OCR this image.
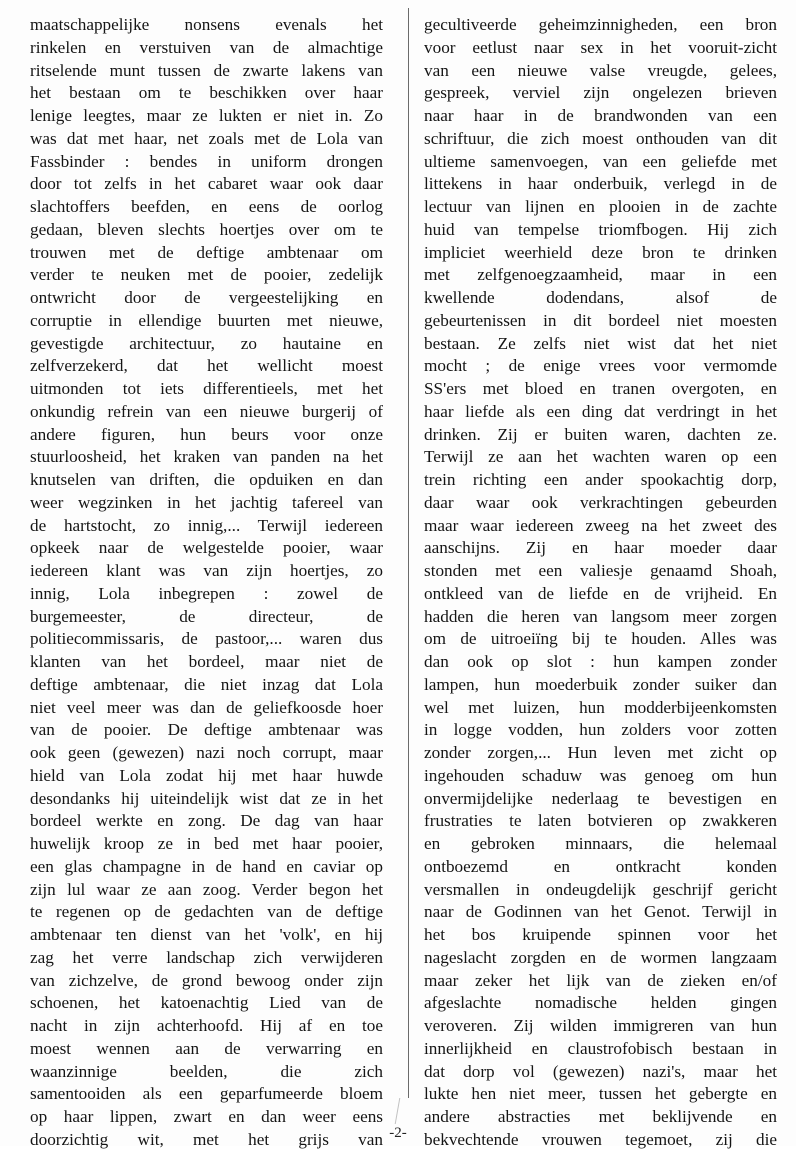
maatschappelijke nonsens evenals het
rinkelen en verstuiven van de almachtige
ritselende munt tussen de zwarte lakens van
het bestaan om te beschikken over haar
lenige leegtes, maar ze lukten er niet in. Zo
was dat met haar, net zoals met de Lola van
Fassbinder : bendes in uniform drongen
door tot zelfs in het cabaret waar ook daar
slachtoffers beefden, en eens de oorlog
gedaan, bleven slechts hoertjes over om te
trouwen met de deftige ambtenaar om
verder te neuken met de pooier, zedelijk
ontwricht door de vergeestelijking en
corruptie in ellendige buurten met nieuwe,
gevestigde architectuur, zo hautaine en
zelfverzekerd, dat het wellicht moest
uitmonden tot iets differentieels, met het
onkundig refrein van een nieuwe burgerij of
andere figuren, hun beurs voor onze
stuurloosheid, het kraken van panden na het
knutselen van driften, die opduiken en dan
weer wegzinken in het jachtig tafereel van
de hartstocht, zo innig,... Terwijl iedereen
opkeek naar de welgestelde pooier, waar
iedereen klant was van zijn hoertjes, zo
innig, Lola inbegrepen : zowel de
burgemeester, de directeur, de
politiecommissaris, de pastoor,... waren dus
klanten van het bordeel, maar niet de
deftige ambtenaar, die niet inzag dat Lola
niet veel meer was dan de geliefkoosde hoer
van de pooier. De deftige ambtenaar was
ook geen (gewezen) nazi noch corrupt, maar
hield van Lola zodat hij met haar huwde
desondanks hij uiteindelijk wist dat ze in het
bordeel werkte en zong. De dag van haar
huwelijk kroop ze in bed met haar pooier,
een glas champagne in de hand en caviar op
zijn lul waar ze aan zoog. Verder begon het
te regenen op de gedachten van de deftige
ambtenaar ten dienst van het 'volk', en hij
zag het verre landschap zich verwijderen
van zichzelve, de grond bewoog onder zijn
schoenen, het katoenachtig Lied van de
nacht in zijn achterhoofd. Hij af en toe
moest wennen aan de verwarring en
waanzinnige beelden, die zich
samentooiden als een geparfumeerde bloem
op haar lippen, zwart en dan weer eens
doorzichtig wit, met het grijs van
gecultiveerde geheimzinnigheden, een bron
voor eetlust naar sex in het vooruit-zicht
van een nieuwe valse vreugde, gelees,
gespreek, verviel zijn ongelezen brieven
naar haar in de brandwonden van een
schriftuur, die zich moest onthouden van dit
ultieme samenvoegen, van een geliefde met
littekens in haar onderbuik, verlegd in de
lectuur van lijnen en plooien in de zachte
huid van tempelse triomfbogen. Hij zich
impliciet weerhield deze bron te drinken
met zelfgenoegzaamheid, maar in een
kwellende dodendans, alsof de
gebeurtenissen in dit bordeel niet moesten
bestaan. Ze zelfs niet wist dat het niet
mocht ; de enige vrees voor vermomde
SS'ers met bloed en tranen overgoten, en
haar liefde als een ding dat verdringt in het
drinken. Zij er buiten waren, dachten ze.
Terwijl ze aan het wachten waren op een
trein richting een ander spookachtig dorp,
daar waar ook verkrachtingen gebeurden
maar waar iedereen zweeg na het zweet des
aanschijns. Zij en haar moeder daar
stonden met een valiesje genaamd Shoah,
ontkleed van de liefde en de vrijheid. En
hadden die heren van langsom meer zorgen
om de uitroeiïng bij te houden. Alles was
dan ook op slot : hun kampen zonder
lampen, hun moederbuik zonder suiker dan
wel met luizen, hun modderbijeenkomsten
in logge vodden, hun zolders voor zotten
zonder zorgen,... Hun leven met zicht op
ingehouden schaduw was genoeg om hun
onvermijdelijke nederlaag te bevestigen en
frustraties te laten botvieren op zwakkeren
en gebroken minnaars, die helemaal
ontboezemd en ontkracht konden
versmallen in ondeugdelijk geschrijf gericht
naar de Godinnen van het Genot. Terwijl in
het bos kruipende spinnen voor het
nageslacht zorgden en de wormen langzaam
maar zeker het lijk van de zieken en/of
afgeslachte nomadische helden gingen
veroveren. Zij wilden immigreren van hun
innerlijkheid en claustrofobisch bestaan in
dat dorp vol (gewezen) nazi's, maar het
lukte hen niet meer, tussen het gebergte en
andere abstracties met beklijvende en
bekvechtende vrouwen tegemoet, zij die
-2-
